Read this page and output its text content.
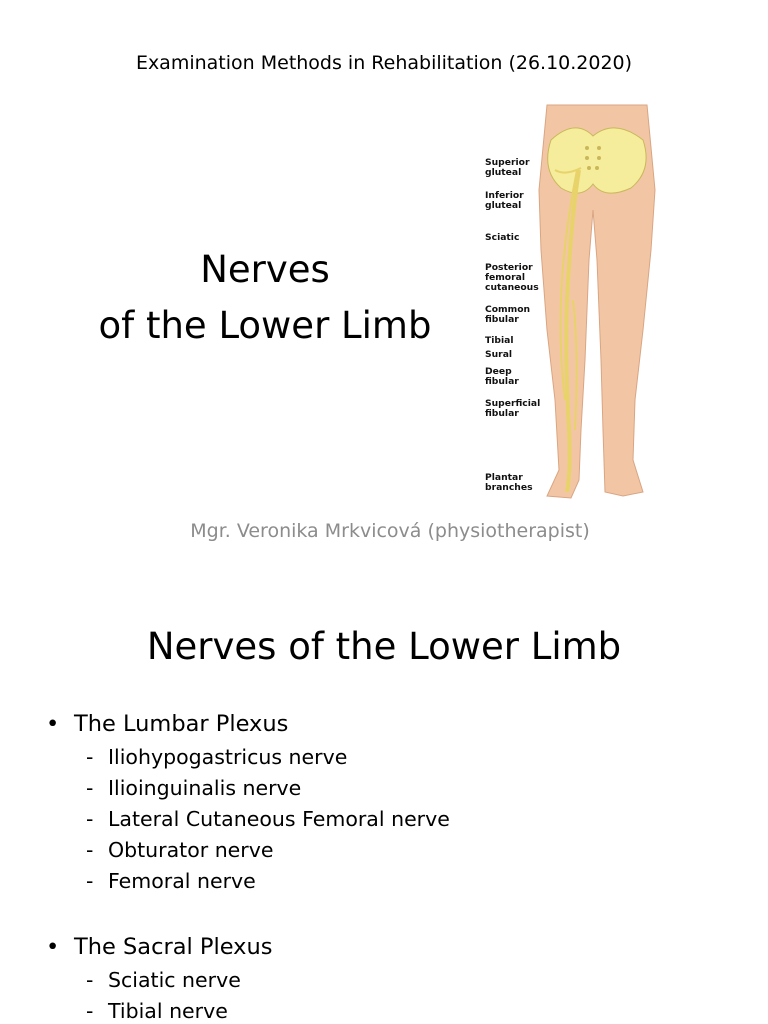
Examination Methods in Rehabilitation (26.10.2020)
Nerves
of the Lower Limb
Superior gluteal
Inferior gluteal
Sciatic
Posterior femoral cutaneous
Common fibular
Tibial
Sural
Deep fibular
Superficial fibular
Plantar branches
Mgr. Veronika Mrkvicová (physiotherapist)
Nerves of the Lower Limb
• The Lumbar Plexus
- Iliohypogastricus nerve
- Ilioinguinalis nerve
- Lateral Cutaneous Femoral nerve
- Obturator nerve
- Femoral nerve
• The Sacral Plexus
- Sciatic nerve
- Tibial nerve
